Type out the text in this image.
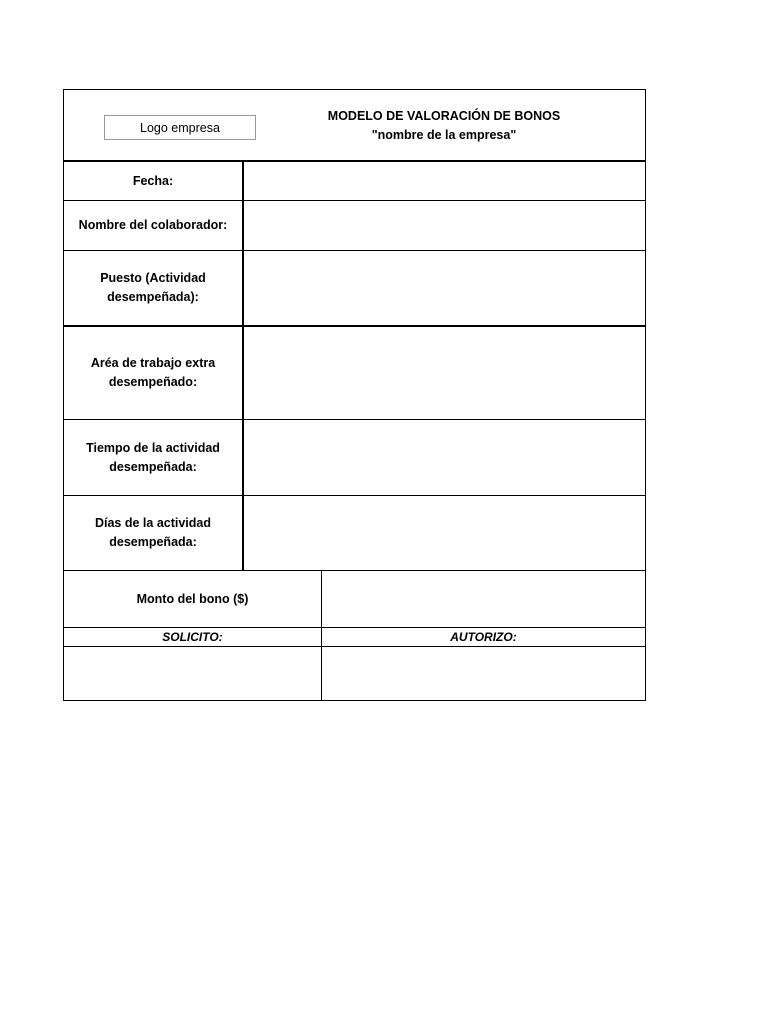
Logo empresa
MODELO DE VALORACIÓN DE BONOS
"nombre de la empresa"
Fecha:
Nombre del colaborador:
Puesto (Actividad desempeñada):
Aréa de trabajo extra desempeñado:
Tiempo de la actividad desempeñada:
Días de la actividad desempeñada:
Monto del bono ($)
SOLICITO:	AUTORIZO:
